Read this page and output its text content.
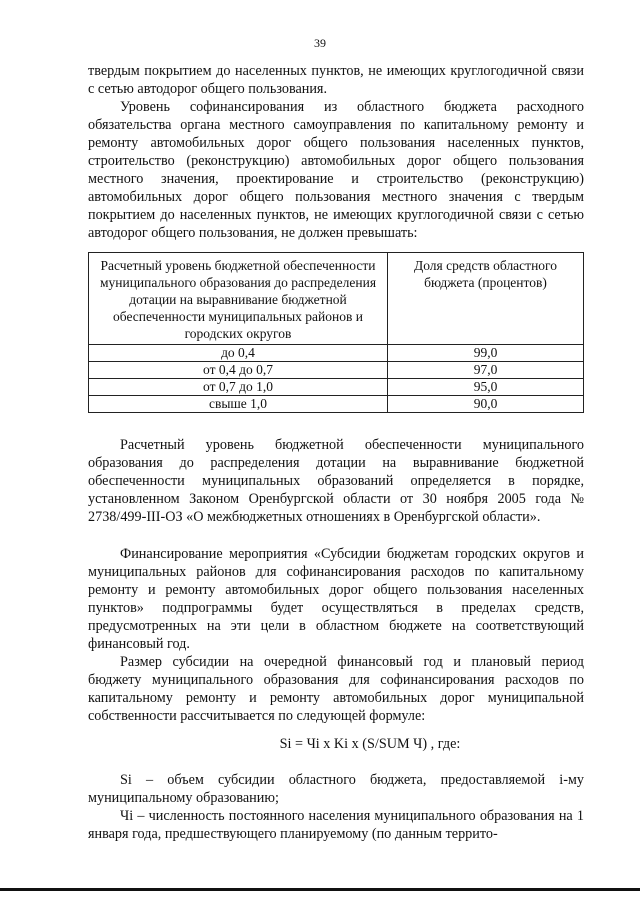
39

твердым покрытием до населенных пунктов, не имеющих круглогодичной связи с сетью автодорог общего пользования.

Уровень софинансирования из областного бюджета расходного обязательства органа местного самоуправления по капитальному ремонту и ремонту автомобильных дорог общего пользования населенных пунктов, строительство (реконструкцию) автомобильных дорог общего пользования местного значения, проектирование и строительство (реконструкцию) автомобильных дорог общего пользования местного значения с твердым покрытием до населенных пунктов, не имеющих круглогодичной связи с сетью автодорог общего пользования, не должен превышать:

Расчетный уровень бюджетной обеспеченности муниципального образования до распределения дотации на выравнивание бюджетной обеспеченности муниципальных районов и городских округов	Доля средств областного бюджета (процентов)
до 0,4	99,0
от 0,4 до 0,7	97,0
от 0,7 до 1,0	95,0
свыше 1,0	90,0

Расчетный уровень бюджетной обеспеченности муниципального образования до распределения дотации на выравнивание бюджетной обеспеченности муниципальных образований определяется в порядке, установленном Законом Оренбургской области от 30 ноября 2005 года № 2738/499-III-ОЗ «О межбюджетных отношениях в Оренбургской области».

Финансирование мероприятия «Субсидии бюджетам городских округов и муниципальных районов для софинансирования расходов по капитальному ремонту и ремонту автомобильных дорог общего пользования населенных пунктов» подпрограммы будет осуществляться в пределах средств, предусмотренных на эти цели в областном бюджете на соответствующий финансовый год.

Размер субсидии на очередной финансовый год и плановый период бюджету муниципального образования для софинансирования расходов по капитальному ремонту и ремонту автомобильных дорог муниципальной собственности рассчитывается по следующей формуле:

Si = Чi x Ki x (S/SUM Ч) , где:

Si – объем субсидии областного бюджета, предоставляемой i-му муниципальному образованию;

Чi – численность постоянного населения муниципального образования на 1 января года, предшествующего планируемому (по данным террито-
